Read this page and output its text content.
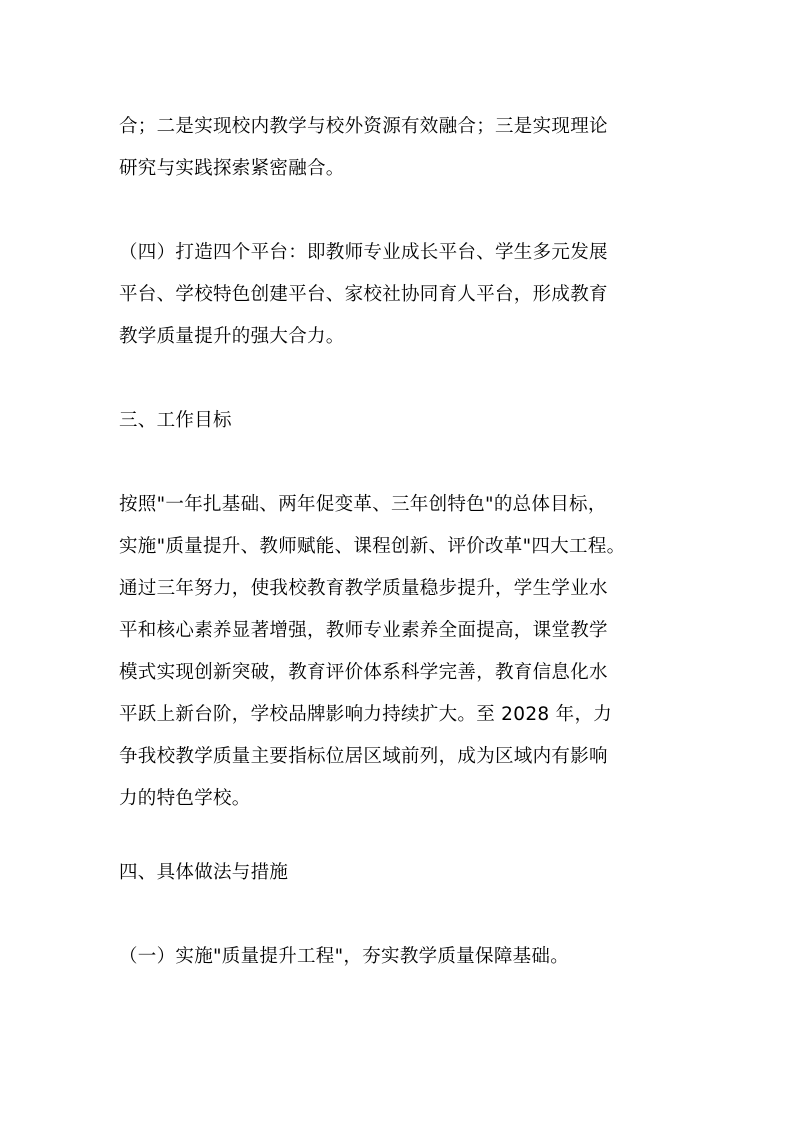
合；二是实现校内教学与校外资源有效融合；三是实现理论
研究与实践探索紧密融合。
（四）打造四个平台：即教师专业成长平台、学生多元发展
平台、学校特色创建平台、家校社协同育人平台，形成教育
教学质量提升的强大合力。
三、工作目标
按照"一年扎基础、两年促变革、三年创特色"的总体目标，
实施"质量提升、教师赋能、课程创新、评价改革"四大工程。
通过三年努力，使我校教育教学质量稳步提升，学生学业水
平和核心素养显著增强，教师专业素养全面提高，课堂教学
模式实现创新突破，教育评价体系科学完善，教育信息化水
平跃上新台阶，学校品牌影响力持续扩大。至 2028 年，力
争我校教学质量主要指标位居区域前列，成为区域内有影响
力的特色学校。
四、具体做法与措施
（一）实施"质量提升工程"，夯实教学质量保障基础。
